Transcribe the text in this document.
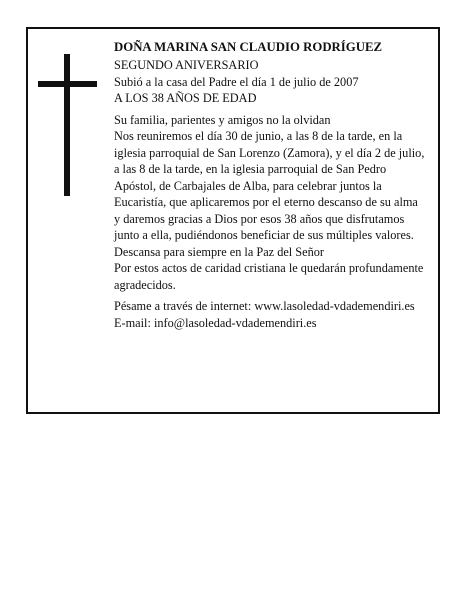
DOÑA MARINA SAN CLAUDIO RODRÍGUEZ

SEGUNDO ANIVERSARIO

Subió a la casa del Padre el día 1 de julio de 2007

A LOS 38 AÑOS DE EDAD

Su familia, parientes y amigos no la olvidan

Nos reuniremos el día 30 de junio, a las 8 de la tarde, en la iglesia parroquial de San Lorenzo (Zamora), y el día 2 de julio, a las 8 de la tarde, en la iglesia parroquial de San Pedro Apóstol, de Carbajales de Alba, para celebrar juntos la Eucaristía, que aplicaremos por el eterno descanso de su alma y daremos gracias a Dios por esos 38 años que disfrutamos junto a ella, pudiéndonos beneficiar de sus múltiples valores.

Descansa para siempre en la Paz del Señor

Por estos actos de caridad cristiana le quedarán profundamente agradecidos.

Pésame a través de internet: www.lasoledad-vdademendiri.es

E-mail: info@lasoledad-vdademendiri.es
